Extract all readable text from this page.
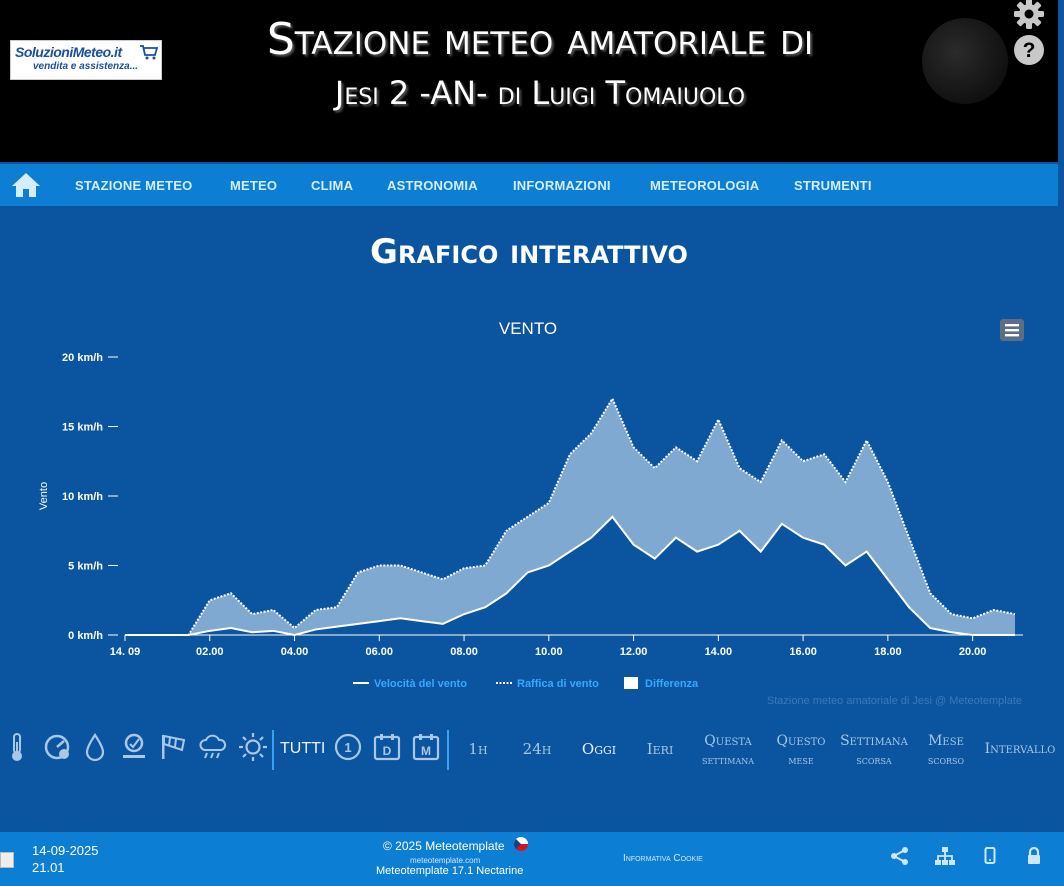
SoluzioniMeteo.it
vendita e assistenza...
Stazione meteo amatoriale di
Jesi 2 -AN- di Luigi Tomaiuolo
?
STAZIONE METEO	METEO	CLIMA	ASTRONOMIA	INFORMAZIONI	METEOROLOGIA	STRUMENTI
Grafico interattivo
VENTO
Vento
0 km/h
5 km/h
10 km/h
15 km/h
20 km/h
14. 09	02.00	04.00	06.00	08.00	10.00	12.00	14.00	16.00	18.00	20.00
Velocità del vento	Raffica di vento	Differenza
Stazione meteo amatoriale di Jesi @ Meteotemplate
TUTTI 1	D M	1h	24h	Oggi	Ieri	Questa
settimana
Questo
mese
Settimana
scorsa
Mese
scorso
Intervallo
14-09-2025
21.01
© 2025 Meteotemplate
meteotemplate.com
Meteotemplate 17.1 Nectarine
Informativa Cookie
